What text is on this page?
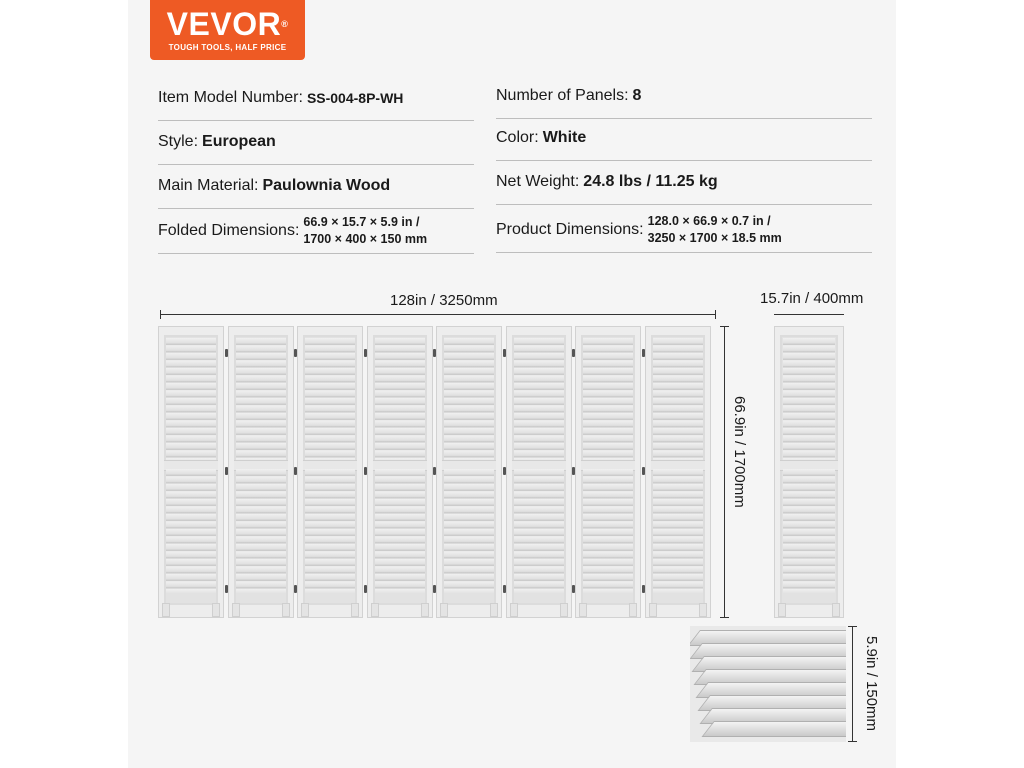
VEVOR®
TOUGH TOOLS, HALF PRICE
Item Model Number: SS-004-8P-WH	Number of Panels: 8
Style: European	Color: White
Main Material: Paulownia Wood	Net Weight: 24.8 lbs / 11.25 kg
Folded Dimensions: 66.9 × 15.7 × 5.9 in /
1700 × 400 × 150 mm
Product Dimensions: 128.0 × 66.9 × 0.7 in /
3250 × 1700 × 18.5 mm
128in / 3250mm	15.7in / 400mm
66.9in / 1700mm
5.9in / 150mm
